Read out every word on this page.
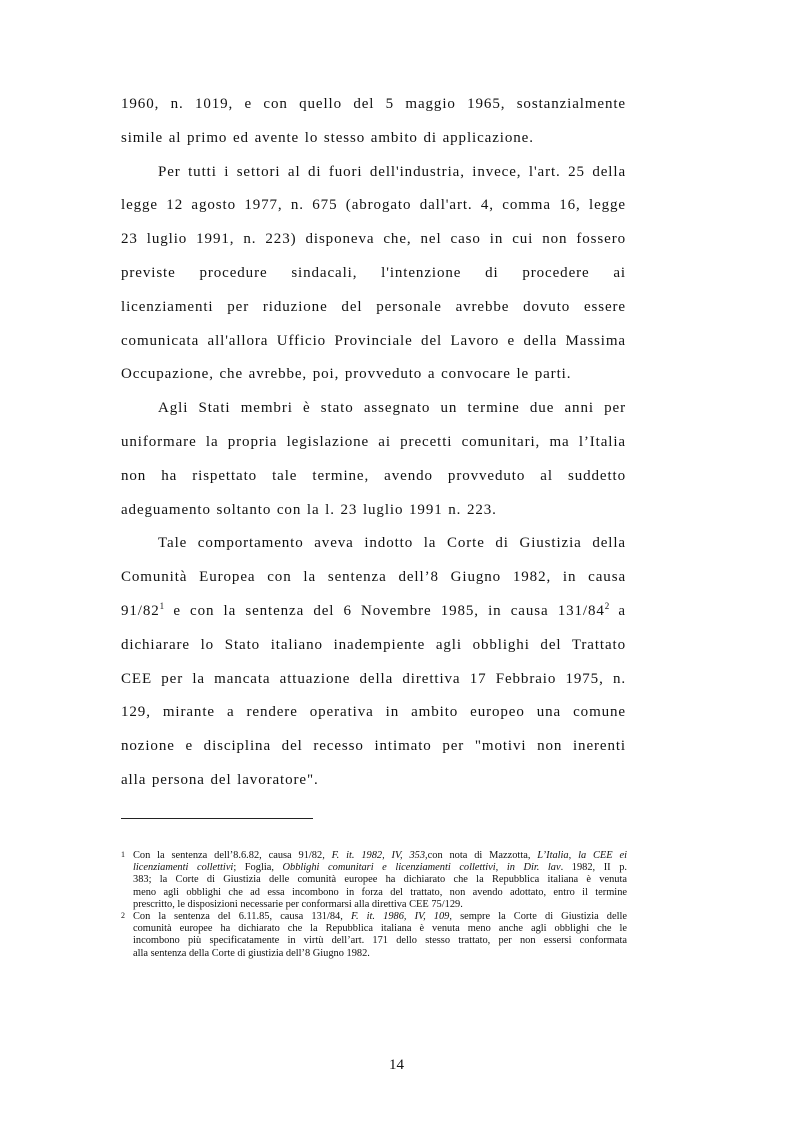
1960, n. 1019, e con quello del 5 maggio 1965, sostanzialmente
simile al primo ed avente lo stesso ambito di applicazione.
Per tutti i settori al di fuori dell'industria, invece, l'art. 25 della
legge 12 agosto 1977, n. 675 (abrogato dall'art. 4, comma 16, legge
23 luglio 1991, n. 223) disponeva che, nel caso in cui non fossero
previste procedure sindacali, l'intenzione di procedere ai
licenziamenti per riduzione del personale avrebbe dovuto essere
comunicata all'allora Ufficio Provinciale del Lavoro e della Massima
Occupazione, che avrebbe, poi, provveduto a convocare le parti.
Agli Stati membri è stato assegnato un termine due anni per
uniformare la propria legislazione ai precetti comunitari, ma l’Italia
non ha rispettato tale termine, avendo provveduto al suddetto
adeguamento soltanto con la l. 23 luglio 1991 n. 223.
Tale comportamento aveva indotto la Corte di Giustizia della
Comunità Europea con la sentenza dell’8 Giugno 1982, in causa
$91/82^1$ e con la sentenza del 6 Novembre 1985, in causa $131/84^2$ a
dichiarare lo Stato italiano inadempiente agli obblighi del Trattato
CEE per la mancata attuazione della direttiva 17 Febbraio 1975, n.
129, mirante a rendere operativa in ambito europeo una comune
nozione e disciplina del recesso intimato per "motivi non inerenti
alla persona del lavoratore".
1 Con la sentenza dell’8.6.82, causa 91/82, F. it. 1982, IV, 353,con nota di Mazzotta, L’Italia, la CEE ei
licenziamenti collettivi; Foglia, Obblighi comunitari e licenziamenti collettivi, in Dir. lav. 1982, II p.
383; la Corte di Giustizia delle comunità europee ha dichiarato che la Repubblica italiana è venuta
meno agli obblighi che ad essa incombono in forza del trattato, non avendo adottato, entro il termine
prescritto, le disposizioni necessarie per conformarsi alla direttiva CEE 75/129.
2 Con la sentenza del 6.11.85, causa 131/84, F. it. 1986, IV, 109, sempre la Corte di Giustizia delle
comunità europee ha dichiarato che la Repubblica italiana è venuta meno anche agli obblighi che le
incombono più specificatamente in virtù dell’art. 171 dello stesso trattato, per non essersi conformata
alla sentenza della Corte di giustizia dell’8 Giugno 1982.
14
